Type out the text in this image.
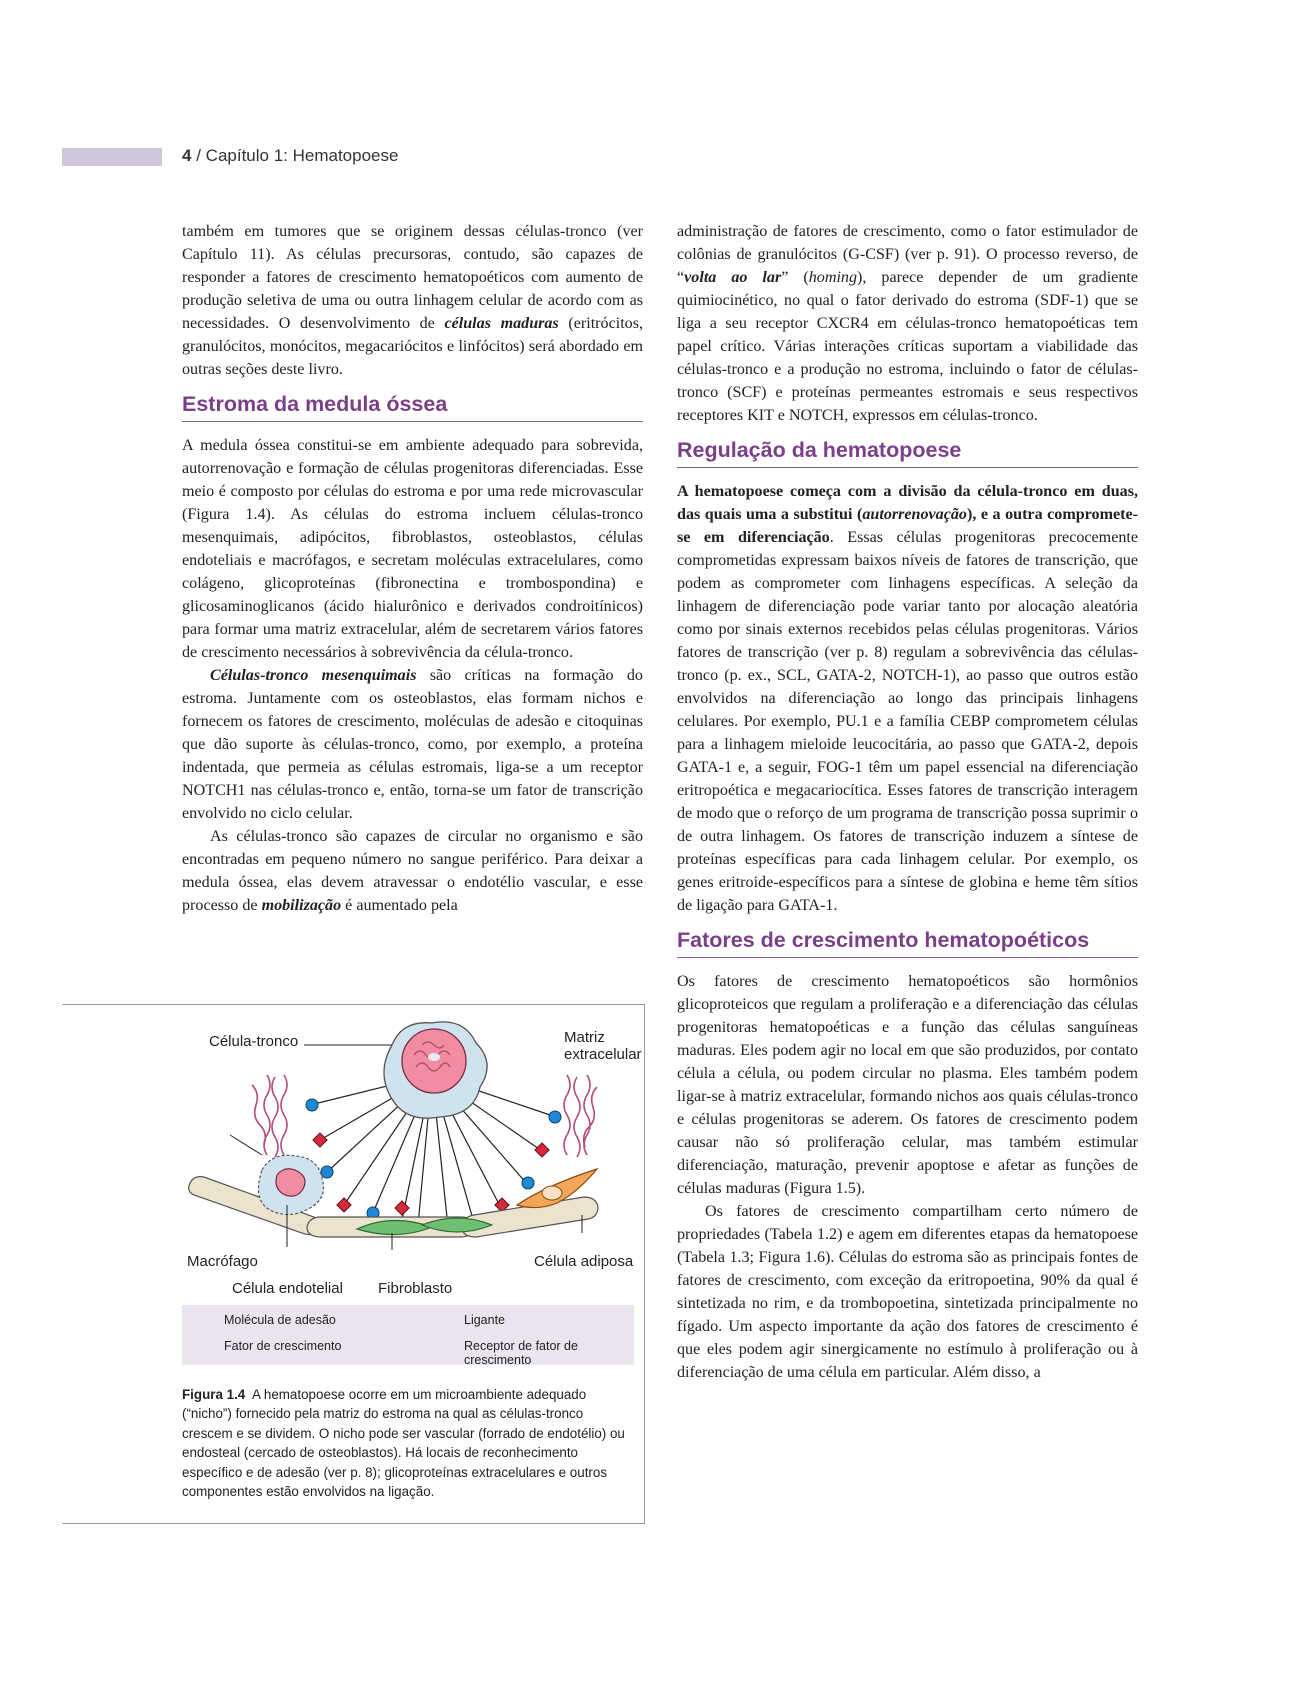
4 / Capítulo 1: Hematopoese

também em tumores que se originem dessas células-tronco (ver Capítulo 11). As células precursoras, contudo, são capazes de responder a fatores de crescimento hematopoéticos com aumento de produção seletiva de uma ou outra linhagem celular de acordo com as necessidades. O desenvolvimento de células maduras (eritrócitos, granulócitos, monócitos, megacariócitos e linfócitos) será abordado em outras seções deste livro.

Estroma da medula óssea

A medula óssea constitui-se em ambiente adequado para sobrevida, autorrenovação e formação de células progenitoras diferenciadas. Esse meio é composto por células do estroma e por uma rede microvascular (Figura 1.4). As células do estroma incluem células-tronco mesenquimais, adipócitos, fibroblastos, osteoblastos, células endoteliais e macrófagos, e secretam moléculas extracelulares, como colágeno, glicoproteínas (fibronectina e trombospondina) e glicosaminoglicanos (ácido hialurônico e derivados condroitínicos) para formar uma matriz extracelular, além de secretarem vários fatores de crescimento necessários à sobrevivência da célula-tronco.

Células-tronco mesenquimais são críticas na formação do estroma. Juntamente com os osteoblastos, elas formam nichos e fornecem os fatores de crescimento, moléculas de adesão e citoquinas que dão suporte às células-tronco, como, por exemplo, a proteína indentada, que permeia as células estromais, liga-se a um receptor NOTCH1 nas células-tronco e, então, torna-se um fator de transcrição envolvido no ciclo celular.

As células-tronco são capazes de circular no organismo e são encontradas em pequeno número no sangue periférico. Para deixar a medula óssea, elas devem atravessar o endotélio vascular, e esse processo de mobilização é aumentado pela

administração de fatores de crescimento, como o fator estimulador de colônias de granulócitos (G-CSF) (ver p. 91). O processo reverso, de “volta ao lar” (homing), parece depender de um gradiente quimiocinético, no qual o fator derivado do estroma (SDF-1) que se liga a seu receptor CXCR4 em células-tronco hematopoéticas tem papel crítico. Várias interações críticas suportam a viabilidade das células-tronco e a produção no estroma, incluindo o fator de células-tronco (SCF) e proteínas permeantes estromais e seus respectivos receptores KIT e NOTCH, expressos em células-tronco.

Regulação da hematopoese

A hematopoese começa com a divisão da célula-tronco em duas, das quais uma a substitui (autorrenovação), e a outra compromete-se em diferenciação. Essas células progenitoras precocemente comprometidas expressam baixos níveis de fatores de transcrição, que podem as comprometer com linhagens específicas. A seleção da linhagem de diferenciação pode variar tanto por alocação aleatória como por sinais externos recebidos pelas células progenitoras. Vários fatores de transcrição (ver p. 8) regulam a sobrevivência das células-tronco (p. ex., SCL, GATA-2, NOTCH-1), ao passo que outros estão envolvidos na diferenciação ao longo das principais linhagens celulares. Por exemplo, PU.1 e a família CEBP comprometem células para a linhagem mieloide leucocitária, ao passo que GATA-2, depois GATA-1 e, a seguir, FOG-1 têm um papel essencial na diferenciação eritropoética e megacariocítica. Esses fatores de transcrição interagem de modo que o reforço de um programa de transcrição possa suprimir o de outra linhagem. Os fatores de transcrição induzem a síntese de proteínas específicas para cada linhagem celular. Por exemplo, os genes eritroide-específicos para a síntese de globina e heme têm sítios de ligação para GATA-1.

Fatores de crescimento hematopoéticos

Os fatores de crescimento hematopoéticos são hormônios glicoproteicos que regulam a proliferação e a diferenciação das células progenitoras hematopoéticas e a função das células sanguíneas maduras. Eles podem agir no local em que são produzidos, por contato célula a célula, ou podem circular no plasma. Eles também podem ligar-se à matriz extracelular, formando nichos aos quais células-tronco e células progenitoras se aderem. Os fatores de crescimento podem causar não só proliferação celular, mas também estimular diferenciação, maturação, prevenir apoptose e afetar as funções de células maduras (Figura 1.5).

Os fatores de crescimento compartilham certo número de propriedades (Tabela 1.2) e agem em diferentes etapas da hematopoese (Tabela 1.3; Figura 1.6). Células do estroma são as principais fontes de fatores de crescimento, com exceção da eritropoetina, 90% da qual é sintetizada no rim, e da trombopoetina, sintetizada principalmente no fígado. Um aspecto importante da ação dos fatores de crescimento é que eles podem agir sinergicamente no estímulo à proliferação ou à diferenciação de uma célula em particular. Além disso, a

Célula-tronco	Matriz
extracelular
Macrófago	Célula adiposa
Célula endotelial Fibroblasto
Molécula de adesão
Fator de crescimento
Ligante
Receptor de fator de crescimento
Figura 1.4 A hematopoese ocorre em um microambiente adequado (“nicho”) fornecido pela matriz do estroma na qual as células-tronco crescem e se dividem. O nicho pode ser vascular (forrado de endotélio) ou endosteal (cercado de osteoblastos). Há locais de reconhecimento específico e de adesão (ver p. 8); glicoproteínas extracelulares e outros componentes estão envolvidos na ligação.
